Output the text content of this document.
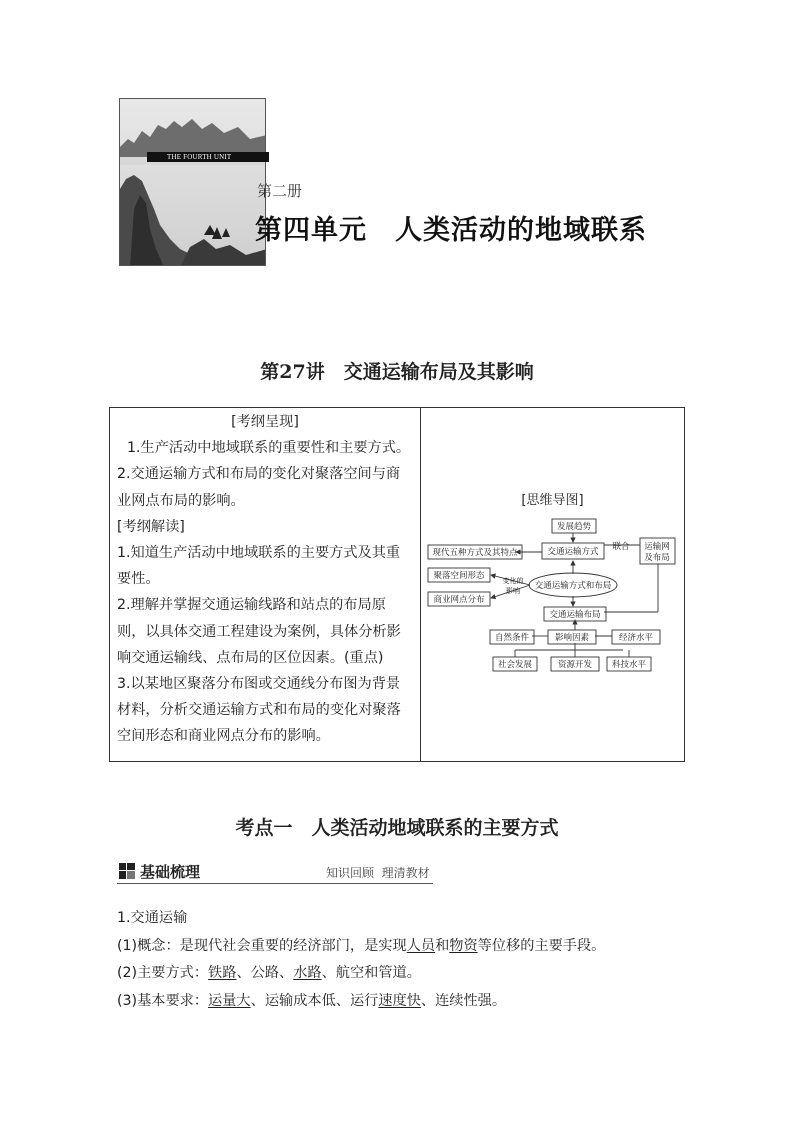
THE FOURTH UNIT
第二册
第四单元　人类活动的地域联系
第27讲　交通运输布局及其影响

[考纲呈现]

1.生产活动中地域联系的重要性和主要方式。

2.交通运输方式和布局的变化对聚落空间与商业网点布局的影响。

[考纲解读]

1.知道生产活动中地域联系的主要方式及其重要性。

2.理解并掌握交通运输线路和站点的布局原则，以具体交通工程建设为案例，具体分析影响交通运输线、点布局的区位因素。(重点)

3.以某地区聚落分布图或交通线分布图为背景材料，分析交通运输方式和布局的变化对聚落空间形态和商业网点分布的影响。

[思维导图]
发展趋势
交通运输方式
现代五种方式及其特点
联合 运输网
及布局
聚落空间形态
商业网点分布
变化的
影响 交通运输方式和布局
交通运输布局
自然条件	影响因素	经济水平
社会发展	资源开发 科技水平
考点一　人类活动地域联系的主要方式
基础梳理	知识回顾  理清教材

1.交通运输

(1)概念：是现代社会重要的经济部门，是实现人员和物资等位移的主要手段。

(2)主要方式：铁路、公路、水路、航空和管道。

(3)基本要求：运量大、运输成本低、运行速度快、连续性强。
